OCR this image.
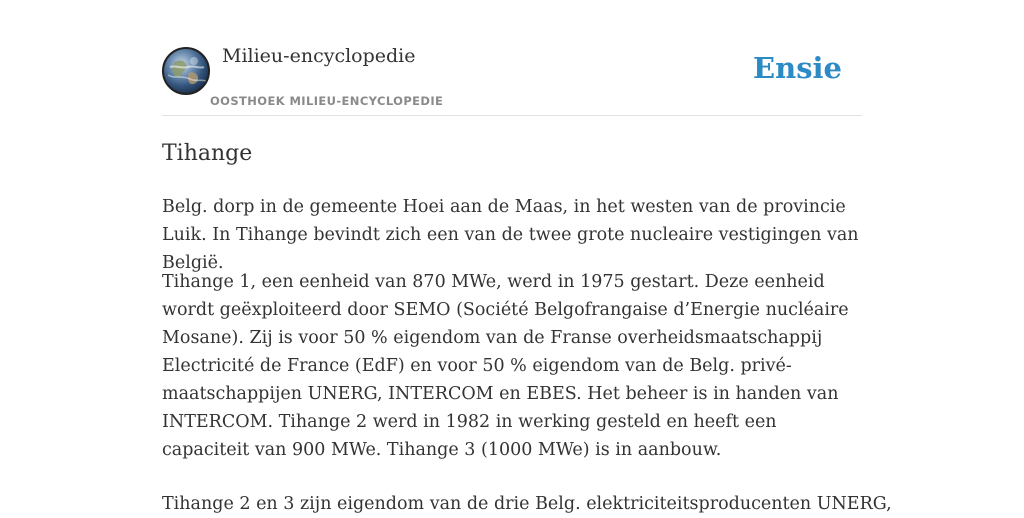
Milieu-encyclopedie
OOSTHOEK MILIEU-ENCYCLOPEDIE
Ensie
Tihange

Belg. dorp in de gemeente Hoei aan de Maas, in het westen van de provincie Luik. In Tihange bevindt zich een van de twee grote nucleaire vestigingen van België.

Tihange 1, een eenheid van 870 MWe, werd in 1975 gestart. Deze eenheid wordt geëxploiteerd door SEMO (Société Belgofrangaise d’Energie nucléaire Mosane). Zij is voor 50 % eigendom van de Franse overheidsmaatschappij Electricité de France (EdF) en voor 50 % eigendom van de Belg. privé-maatschappijen UNERG, INTERCOM en EBES. Het beheer is in handen van INTERCOM. Tihange 2 werd in 1982 in werking gesteld en heeft een capaciteit van 900 MWe. Tihange 3 (1000 MWe) is in aanbouw.

Tihange 2 en 3 zijn eigendom van de drie Belg. elektriciteitsproducenten UNERG,
